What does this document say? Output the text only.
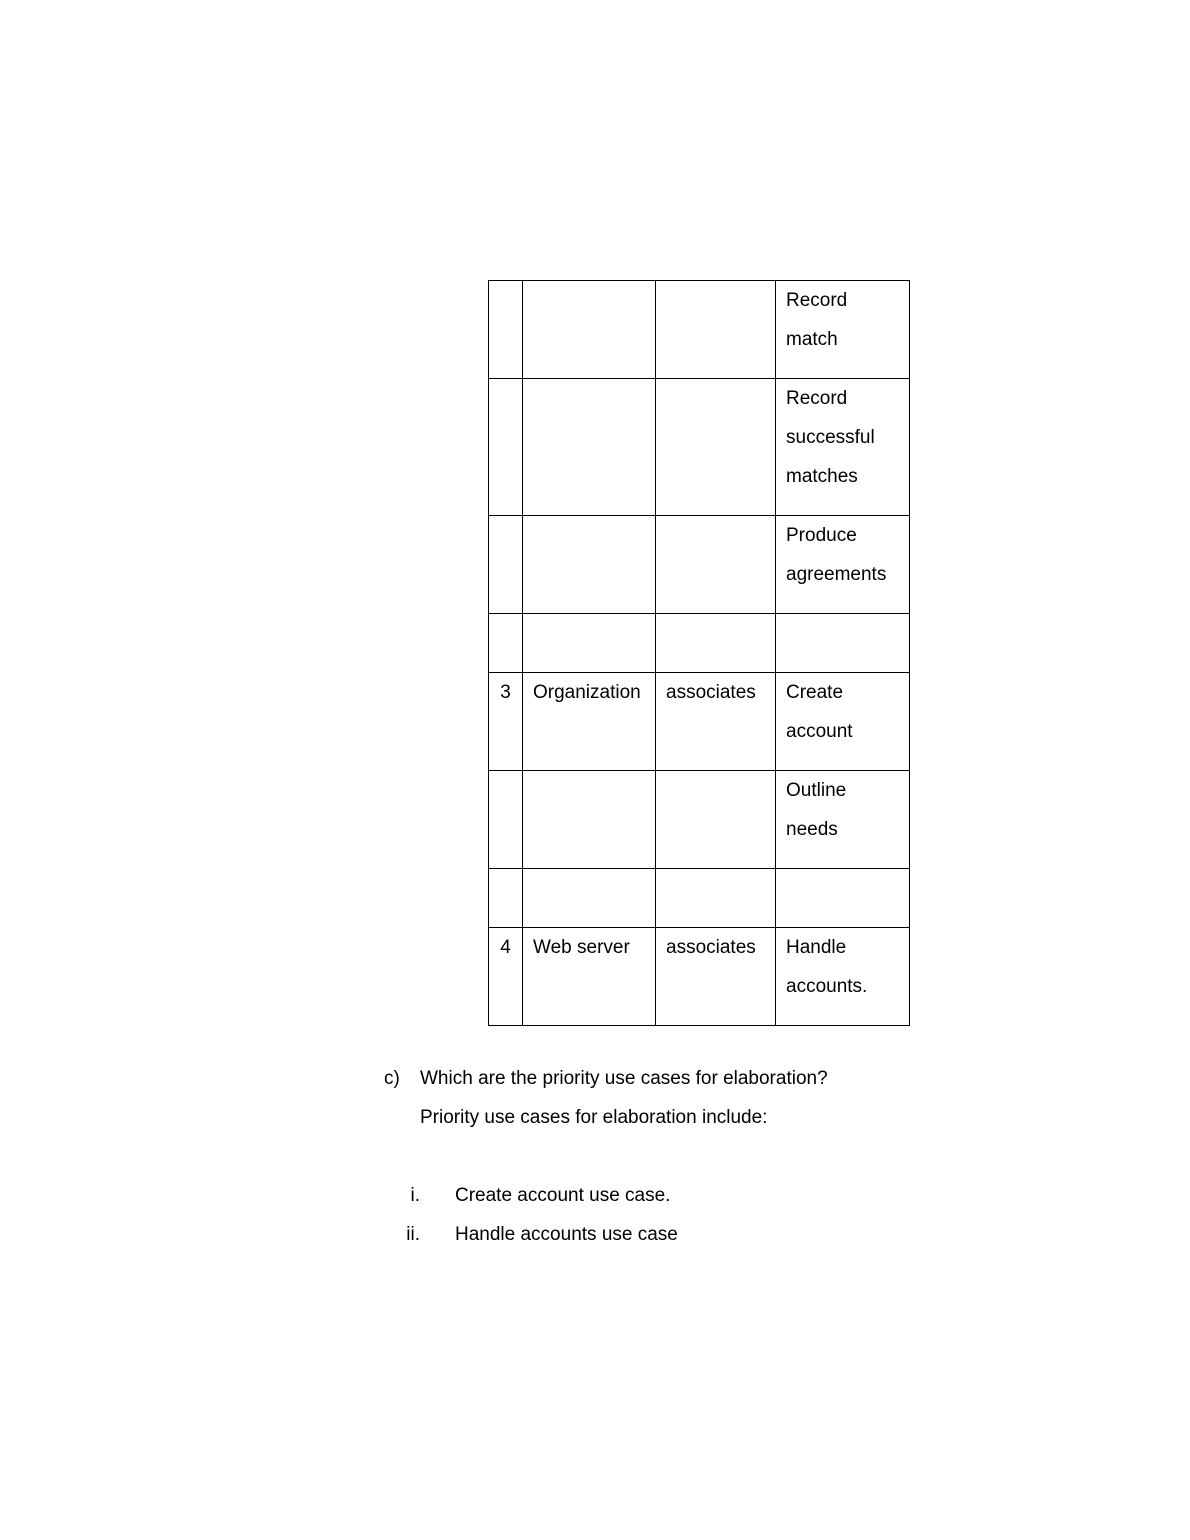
			Record
match

			Record
successful
matches

			Produce
agreements

3	Organization	associates	Create
account

			Outline
needs

4	Web server	associates	Handle
accounts.
c) Which are the priority use cases for elaboration?
Priority use cases for elaboration include:
i. Create account use case.
ii. Handle accounts use case
